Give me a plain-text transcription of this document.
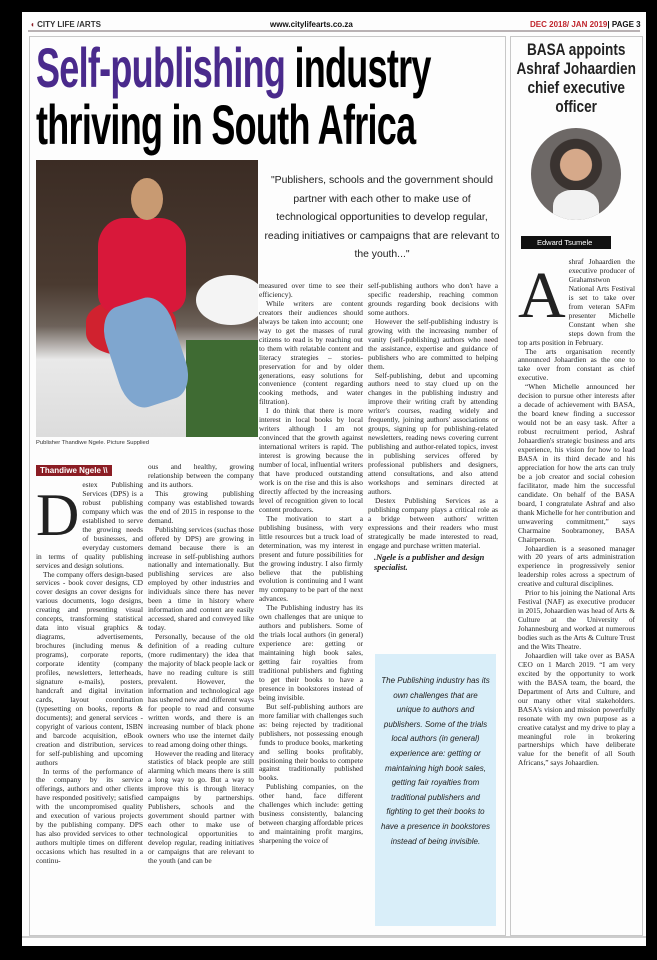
◖ CITY LIFE /ARTS	www.citylifearts.co.za	DEC 2018/ JAN 2019| PAGE 3
Self-publishing industry
thriving in South Africa
Publisher Thandiwe Ngele. Picture Supplied
"Publishers, schools and the government should partner with each other to make use of technological opportunities to develop regular, reading initiatives or campaigns that are relevant to the youth..."
Thandiwe Ngele \\
D estex Publishing Services (DPS) is a robust publishing company which was established to serve the growing needs of businesses, and everyday customers in terms of quality publishing services and design solutions.

The company offers design-based services - book cover designs, CD cover designs an cover designs for various documents, logo designs, creating and presenting visual concepts, transforming statistical data into visual graphics & diagrams, advertisements, brochures (including menus & programs), corporate reports, corporate identity (company profiles, newsletters, letterheads, signature e-mails), posters, handcraft and digital invitation cards, layout coordination (typesetting on books, reports & documents); and general services - copyright of various content, ISBN and barcode acquisition, eBook creation and distribution, services for self-publishing and upcoming authors

In terms of the performance of the company by its service offerings, authors and other clients have responded positively; satisfied with the uncompromised quality and execution of various projects by the publishing company. DPS has also provided services to other authors multiple times on different occasions which has resulted in a continu-

ous and healthy, growing relationship between the company and its authors.

This growing publishing company was established towards the end of 2015 in response to the demand.

Publishing services (suchas those offered by DPS) are growing in demand because there is an increase in self-publishing authors nationally and internationally. But publishing services are also employed by other industries and individuals since there has never been a time in history where information and content are easily accessed, shared and conveyed like today.

Personally, because of the old definition of a reading culture (more rudimentary) the idea that the majority of black people lack or have no reading culture is still prevalent. However, the information and technological age has ushered new and different ways for people to read and consume written words, and there is an increasing number of black phone owners who use the internet daily to read among doing other things.

However the reading and literacy statistics of black people are still alarming which means there is still a long way to go. But a way to improve this is through literacy campaigns by partnerships. Publishers, schools and the government should partner with each other to make use of technological opportunities to develop regular, reading initiatives or campaigns that are relevant to the youth (and can be

measured over time to see their efficiency).

While writers are content creators their audiences should always be taken into account; one way to get the masses of rural citizens to read is by reaching out to them with relatable content and literacy strategies – stories-preservation for and by older generations, easy solutions for convenience (content regarding cooking methods, and water filtration).

I do think that there is more interest in local books by local writers although I am not convinced that the growth against international writers is rapid. The interest is growing because the number of local, influential writers that have produced outstanding work is on the rise and this is also directly affected by the increasing level of recognition given to local content producers.

The motivation to start a publishing business, with very little resources but a truck load of determination, was my interest in present and future possibilities for the growing industry. I also firmly believe that the publishing evolution is continuing and I want my company to be part of the next advances.

The Publishing industry has its own challenges that are unique to authors and publishers. Some of the trials local authors (in general) experience are: getting or maintaining high book sales, getting fair royalties from traditional publishers and fighting to get their books to have a presence in bookstores instead of being invisible.

But self-publishing authors are more familiar with challenges such as: being rejected by traditional publishers, not possessing enough funds to produce books, marketing and selling books profitably, positioning their books to compete against traditionally published books.

Publishing companies, on the other hand, face different challenges which include: getting business consistently, balancing between charging affordable prices and maintaining profit margins, sharpening the voice of

self-publishing authors who don't have a specific readership, reaching common grounds regarding book decisions with some authors.

However the self-publishing industry is growing with the increasing number of vanity (self-publishing) authors who need the assistance, expertise and guidance of publishers who are committed to helping them.

Self-publishing, debut and upcoming authors need to stay clued up on the changes in the publishing industry and improve their writing craft by attending writer's courses, reading widely and frequently, joining authors' associations or groups, signing up for publishing-related newsletters, reading news covering current publishing and author-related topics, invest in publishing services offered by professional publishers and designers, attend consultations, and also attend workshops and seminars directed at authors.

Destex Publishing Services as a publishing company plays a critical role as a bridge between authors' written expressions and their readers who must strategically be made interested to read, engage and purchase written material.

.Ngele is a publisher and design specialist.

The Publishing industry has its own challenges that are unique to authors and publishers. Some of the trials local authors (in general) experience are: getting or maintaining high book sales, getting fair royalties from traditional publishers and fighting to get their books to have a presence in bookstores instead of being invisible.
BASA appoints Ashraf Johaardien chief executive officer
Edward Tsumele
A shraf Johaardien the executive producer of Grahamstwon National Arts Festival is set to take over from veteran SAFm presenter Michelle Constant when she steps down from the top arts position in February.

The arts organisation recently announced Johaardien as the one to take over from constant as chief executive.

“When Michelle announced her decision to pursue other interests after a decade of achievement with BASA, the board knew finding a successor would not be an easy task. After a robust recruitment period, Ashraf Johaardien's strategic business and arts experience, his vision for how to lead BASA in its third decade and his appreciation for how the arts can truly be a job creator and social cohesion facilitator, made him the successful candidate. On behalf of the BASA board, I congratulate Ashraf and also thank Michelle for her contribution and unwavering commitment,” says Charmaine Soobramoney, BASA Chairperson.

Johaardien is a seasoned manager with 20 years of arts administration experience in progressively senior leadership roles across a spectrum of creative and cultural disciplines.

Prior to his joining the National Arts Festival (NAF) as executive producer in 2015, Johaardien was head of Arts & Culture at the University of Johannesburg and worked at numerous bodies such as the Arts & Culture Trust and the Wits Theatre.

Johaardien will take over as BASA CEO on 1 March 2019. “I am very excited by the opportunity to work with the BASA team, the board, the Department of Arts and Culture, and our many other vital stakeholders. BASA's vision and mission powerfully resonate with my own purpose as a creative catalyst and my drive to play a meaningful role in brokering partnerships which have deliberate value for the benefit of all South Africans,” says Johaardien.
